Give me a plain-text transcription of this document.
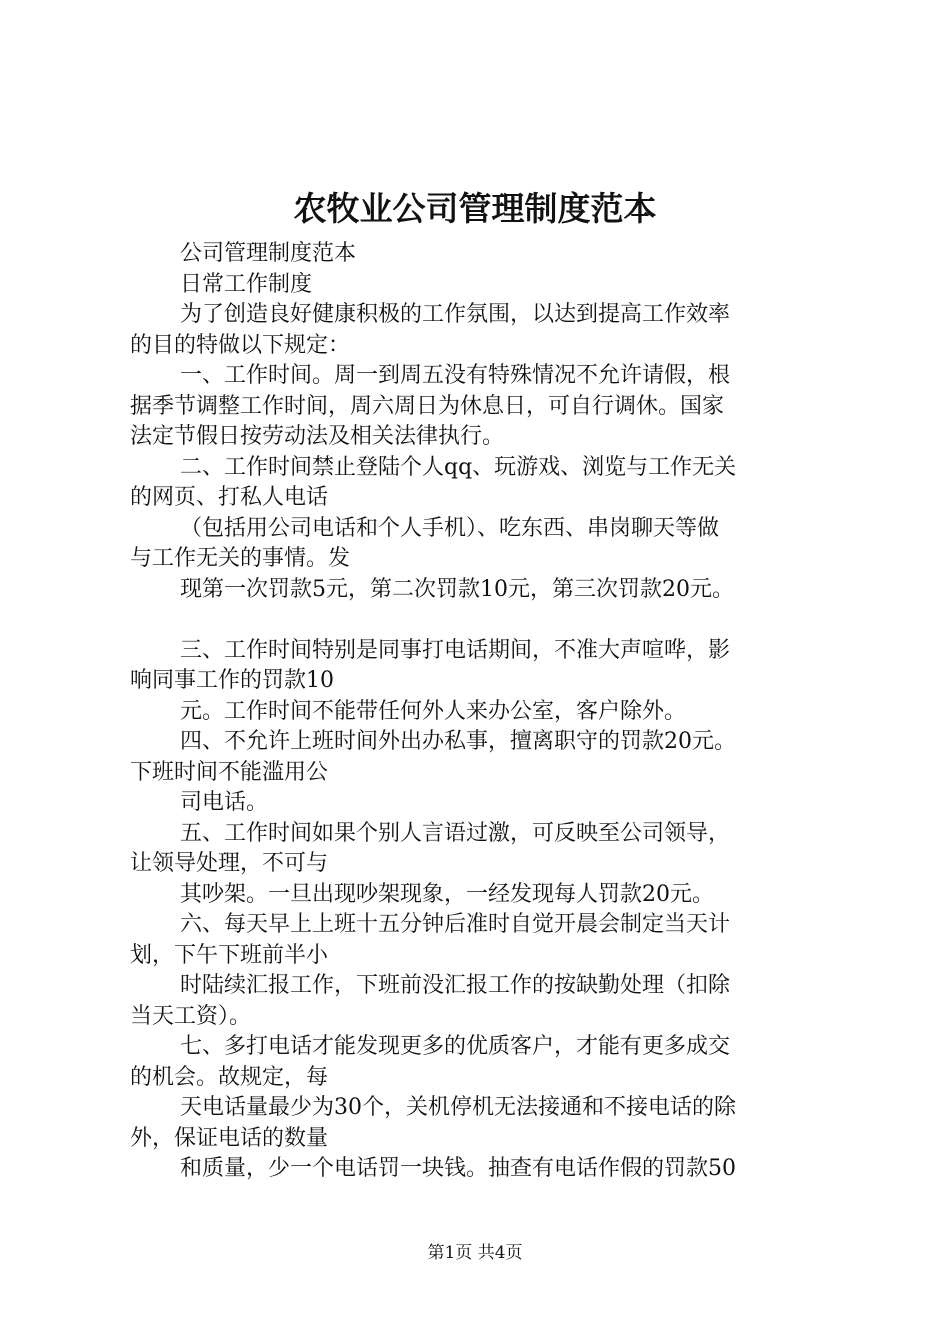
农牧业公司管理制度范本
公司管理制度范本
日常工作制度
为了创造良好健康积极的工作氛围，以达到提高工作效率
的目的特做以下规定：
一、工作时间。周一到周五没有特殊情况不允许请假，根
据季节调整工作时间，周六周日为休息日，可自行调休。国家
法定节假日按劳动法及相关法律执行。
二、工作时间禁止登陆个人qq、玩游戏、浏览与工作无关
的网页、打私人电话
（包括用公司电话和个人手机）、吃东西、串岗聊天等做
与工作无关的事情。发
现第一次罚款5元，第二次罚款10元，第三次罚款20元。
三、工作时间特别是同事打电话期间，不准大声喧哗，影
响同事工作的罚款10
元。工作时间不能带任何外人来办公室，客户除外。
四、不允许上班时间外出办私事，擅离职守的罚款20元。
下班时间不能滥用公
司电话。
五、工作时间如果个别人言语过激，可反映至公司领导，
让领导处理，不可与
其吵架。一旦出现吵架现象，一经发现每人罚款20元。
六、每天早上上班十五分钟后准时自觉开晨会制定当天计
划，下午下班前半小
时陆续汇报工作，下班前没汇报工作的按缺勤处理（扣除
当天工资）。
七、多打电话才能发现更多的优质客户，才能有更多成交
的机会。故规定，每
天电话量最少为30个，关机停机无法接通和不接电话的除
外，保证电话的数量
和质量，少一个电话罚一块钱。抽查有电话作假的罚款50
第1页 共4页
